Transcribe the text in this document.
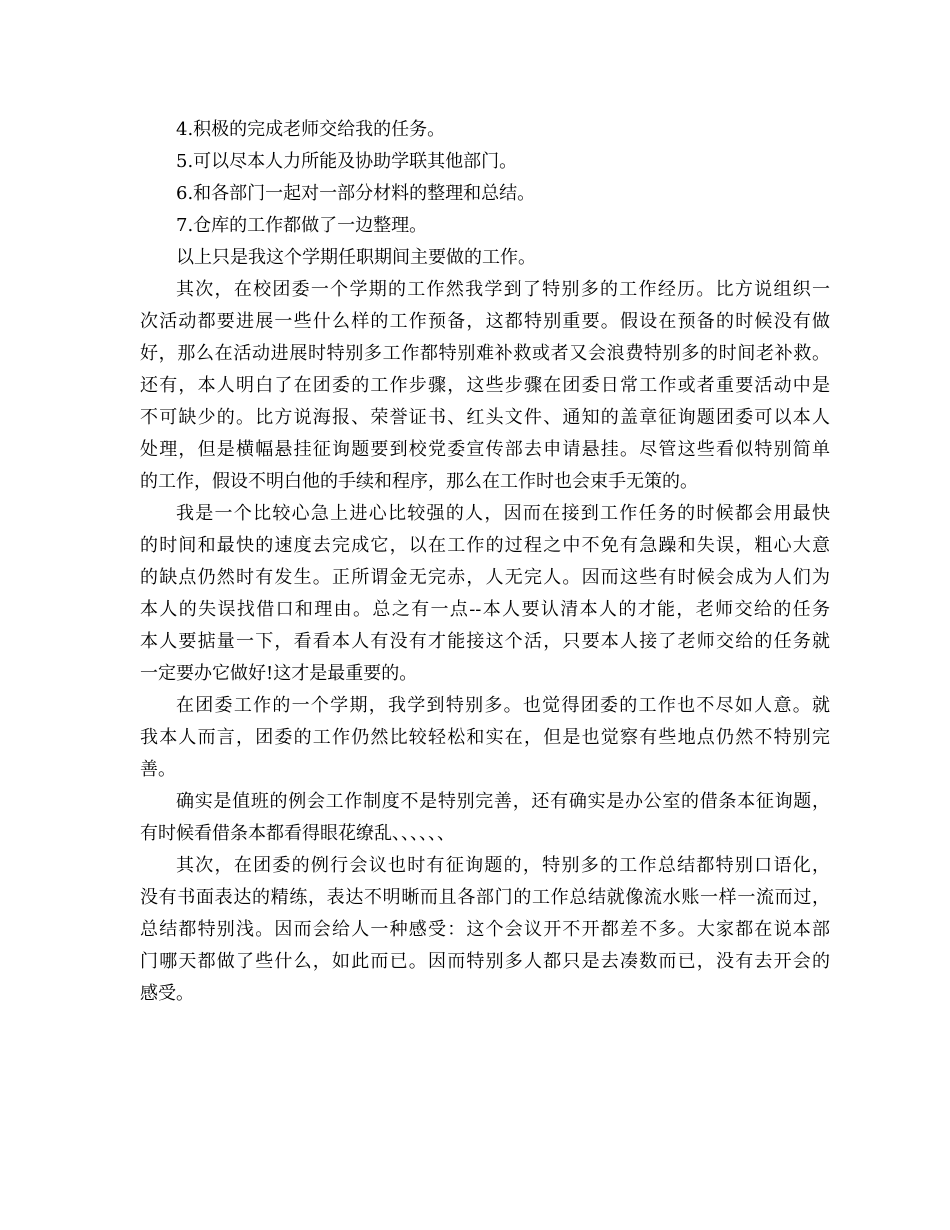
4.积极的完成老师交给我的任务。
5.可以尽本人力所能及协助学联其他部门。
6.和各部门一起对一部分材料的整理和总结。
7.仓库的工作都做了一边整理。
以上只是我这个学期任职期间主要做的工作。
其次，在校团委一个学期的工作然我学到了特别多的工作经历。比方说组织一
次活动都要进展一些什么样的工作预备，这都特别重要。假设在预备的时候没有做
好，那么在活动进展时特别多工作都特别难补救或者又会浪费特别多的时间老补救。
还有，本人明白了在团委的工作步骤，这些步骤在团委日常工作或者重要活动中是
不可缺少的。比方说海报、荣誉证书、红头文件、通知的盖章征询题团委可以本人
处理，但是横幅悬挂征询题要到校党委宣传部去申请悬挂。尽管这些看似特别简单
的工作，假设不明白他的手续和程序，那么在工作时也会束手无策的。
我是一个比较心急上进心比较强的人，因而在接到工作任务的时候都会用最快
的时间和最快的速度去完成它，以在工作的过程之中不免有急躁和失误，粗心大意
的缺点仍然时有发生。正所谓金无完赤，人无完人。因而这些有时候会成为人们为
本人的失误找借口和理由。总之有一点--本人要认清本人的才能，老师交给的任务
本人要掂量一下，看看本人有没有才能接这个活，只要本人接了老师交给的任务就
一定要办它做好!这才是最重要的。
在团委工作的一个学期，我学到特别多。也觉得团委的工作也不尽如人意。就
我本人而言，团委的工作仍然比较轻松和实在，但是也觉察有些地点仍然不特别完
善。
确实是值班的例会工作制度不是特别完善，还有确实是办公室的借条本征询题，
有时候看借条本都看得眼花缭乱、、、、、、
其次，在团委的例行会议也时有征询题的，特别多的工作总结都特别口语化，
没有书面表达的精练，表达不明晰而且各部门的工作总结就像流水账一样一流而过，
总结都特别浅。因而会给人一种感受：这个会议开不开都差不多。大家都在说本部
门哪天都做了些什么，如此而已。因而特别多人都只是去凑数而已，没有去开会的
感受。
